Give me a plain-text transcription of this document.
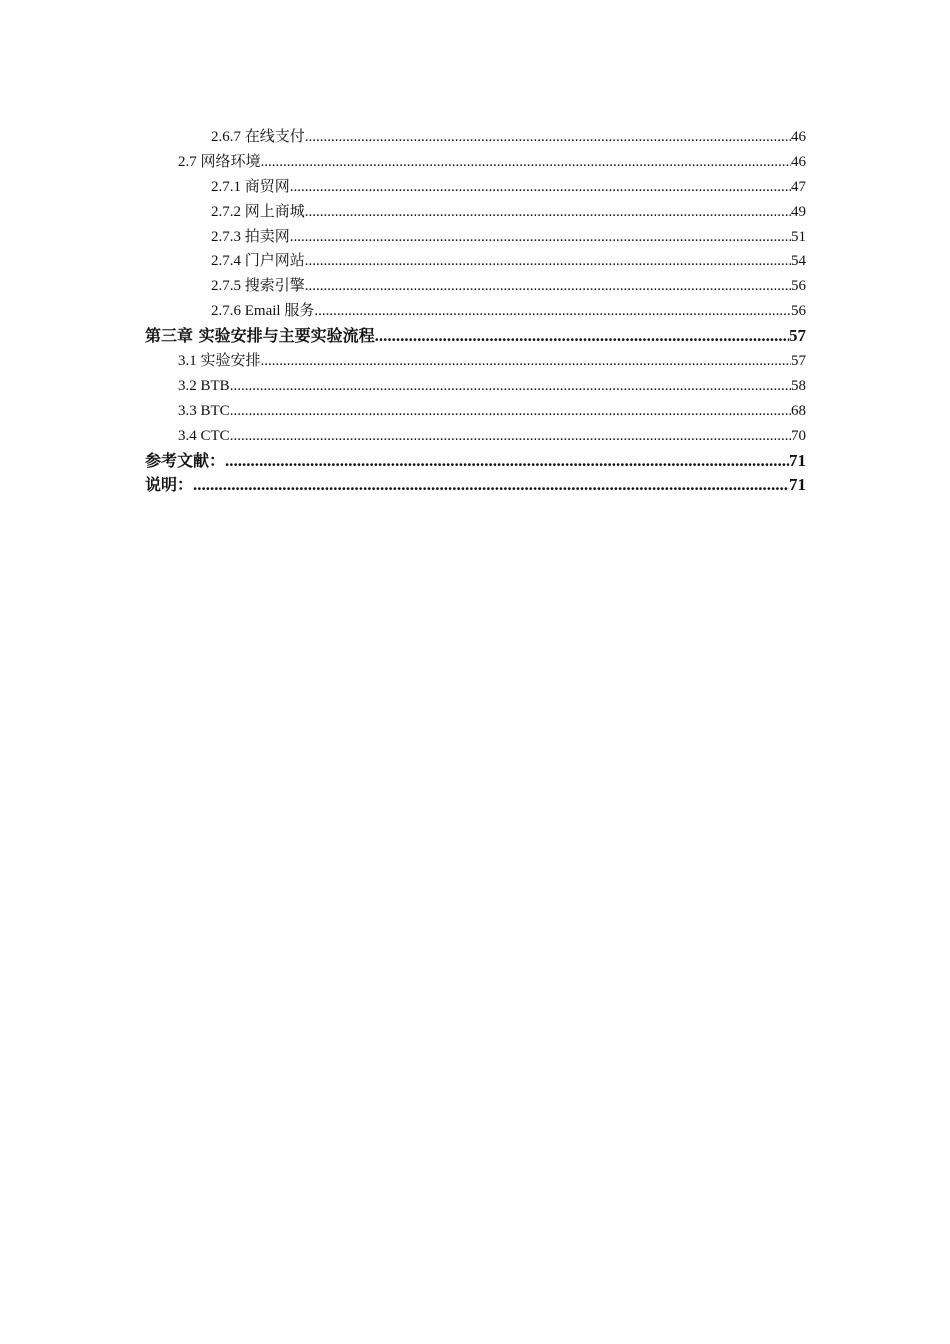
2.6.7 在线支付 .....	46
2.7 网络环境 .....	46
2.7.1 商贸网 .....	47
2.7.2 网上商城 .....	49
2.7.3 拍卖网 .....	51
2.7.4 门户网站 .....	54
2.7.5 搜索引擎 .....	56
2.7.6 Email 服务 .....	56
第三章 实验安排与主要实验流程 .....	57
3.1 实验安排 .....	57
3.2 BTB .....	58
3.3 BTC .....	68
3.4 CTC .....	70
参考文献： .....	71
说明： .....	71
